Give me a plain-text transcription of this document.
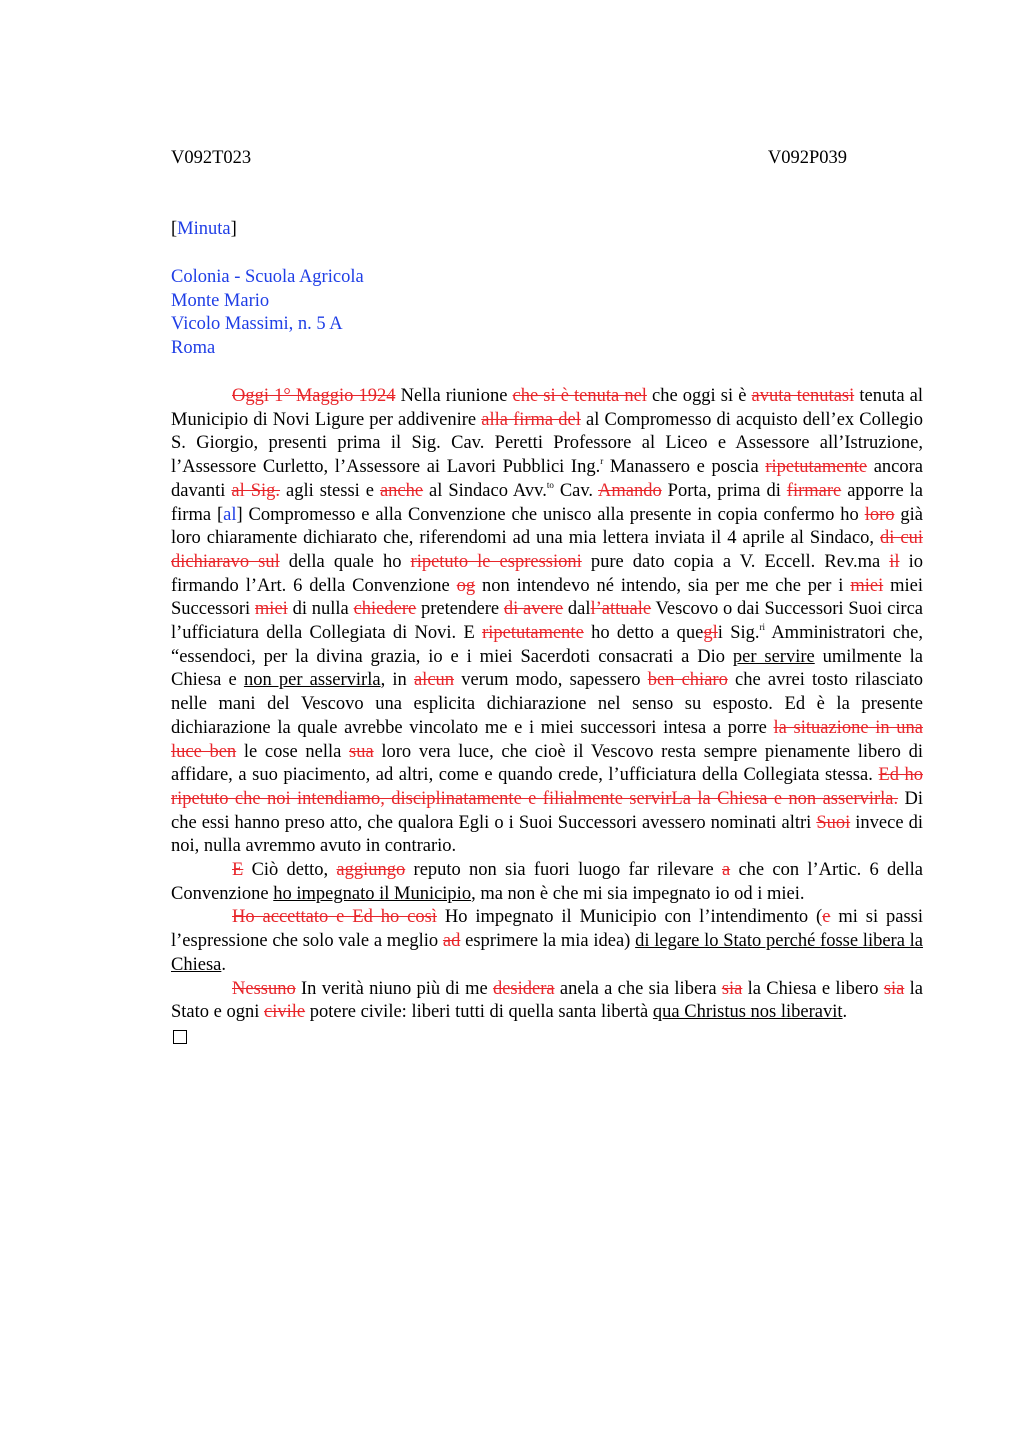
V092T023	V092P039
[Minuta]
Colonia - Scuola Agricola
Monte Mario
Vicolo Massimi, n. 5 A
Roma

Oggi 1° Maggio 1924 Nella riunione che si è tenuta nel che oggi si è avuta tenutasi tenuta al Municipio di Novi Ligure per addivenire alla firma del al Compromesso di acquisto dell’ex Collegio S. Giorgio, presenti prima il Sig. Cav. Peretti Professore al Liceo e Assessore all’Istruzione, l’Assessore Curletto, l’Assessore ai Lavori Pubblici Ing.$^r$ Manassero e poscia ripetutamente ancora davanti al Sig. agli stessi e anche al Sindaco Avv.$^{to}$ Cav. Amando Porta, prima di firmare apporre la firma [al] Compromesso e alla Convenzione che unisco alla presente in copia confermo ho loro già loro chiaramente dichiarato che, riferendomi ad una mia lettera inviata il 4 aprile al Sindaco, di cui dichiaravo sul della quale ho ripetuto le espressioni pure dato copia a V. Eccell. Rev.ma il io firmando l’Art. 6 della Convenzione og non intendevo né intendo, sia per me che per i miei miei Successori miei di nulla chiedere pretendere di avere dall’attuale Vescovo o dai Successori Suoi circa l’ufficiatura della Collegiata di Novi. E ripetutamente ho detto a quegli Sig.$^{ri}$ Amministratori che, “essendoci, per la divina grazia, io e i miei Sacerdoti consacrati a Dio per servire umilmente la Chiesa e non per asservirla, in alcun verum modo, sapessero ben chiaro che avrei tosto rilasciato nelle mani del Vescovo una esplicita dichiarazione nel senso su esposto. Ed è la presente dichiarazione la quale avrebbe vincolato me e i miei successori intesa a porre la situazione in una luce ben le cose nella sua loro vera luce, che cioè il Vescovo resta sempre pienamente libero di affidare, a suo piacimento, ad altri, come e quando crede, l’ufficiatura della Collegiata stessa. Ed ho ripetuto che noi intendiamo, disciplinatamente e filialmente servirLa la Chiesa e non asservirla. Di che essi hanno preso atto, che qualora Egli o i Suoi Successori avessero nominati altri Suoi invece di noi, nulla avremmo avuto in contrario.

E Ciò detto, aggiungo reputo non sia fuori luogo far rilevare a che con l’Artic. 6 della Convenzione ho impegnato il Municipio, ma non è che mi sia impegnato io od i miei.

Ho accettato e Ed ho così Ho impegnato il Municipio con l’intendimento (e mi si passi l’espressione che solo vale a meglio ad esprimere la mia idea) di legare lo Stato perché fosse libera la Chiesa.

Nessuno In verità niuno più di me desidera anela a che sia libera sia la Chiesa e libero sia la Stato e ogni civile potere civile: liberi tutti di quella santa libertà qua Christus nos liberavit.
